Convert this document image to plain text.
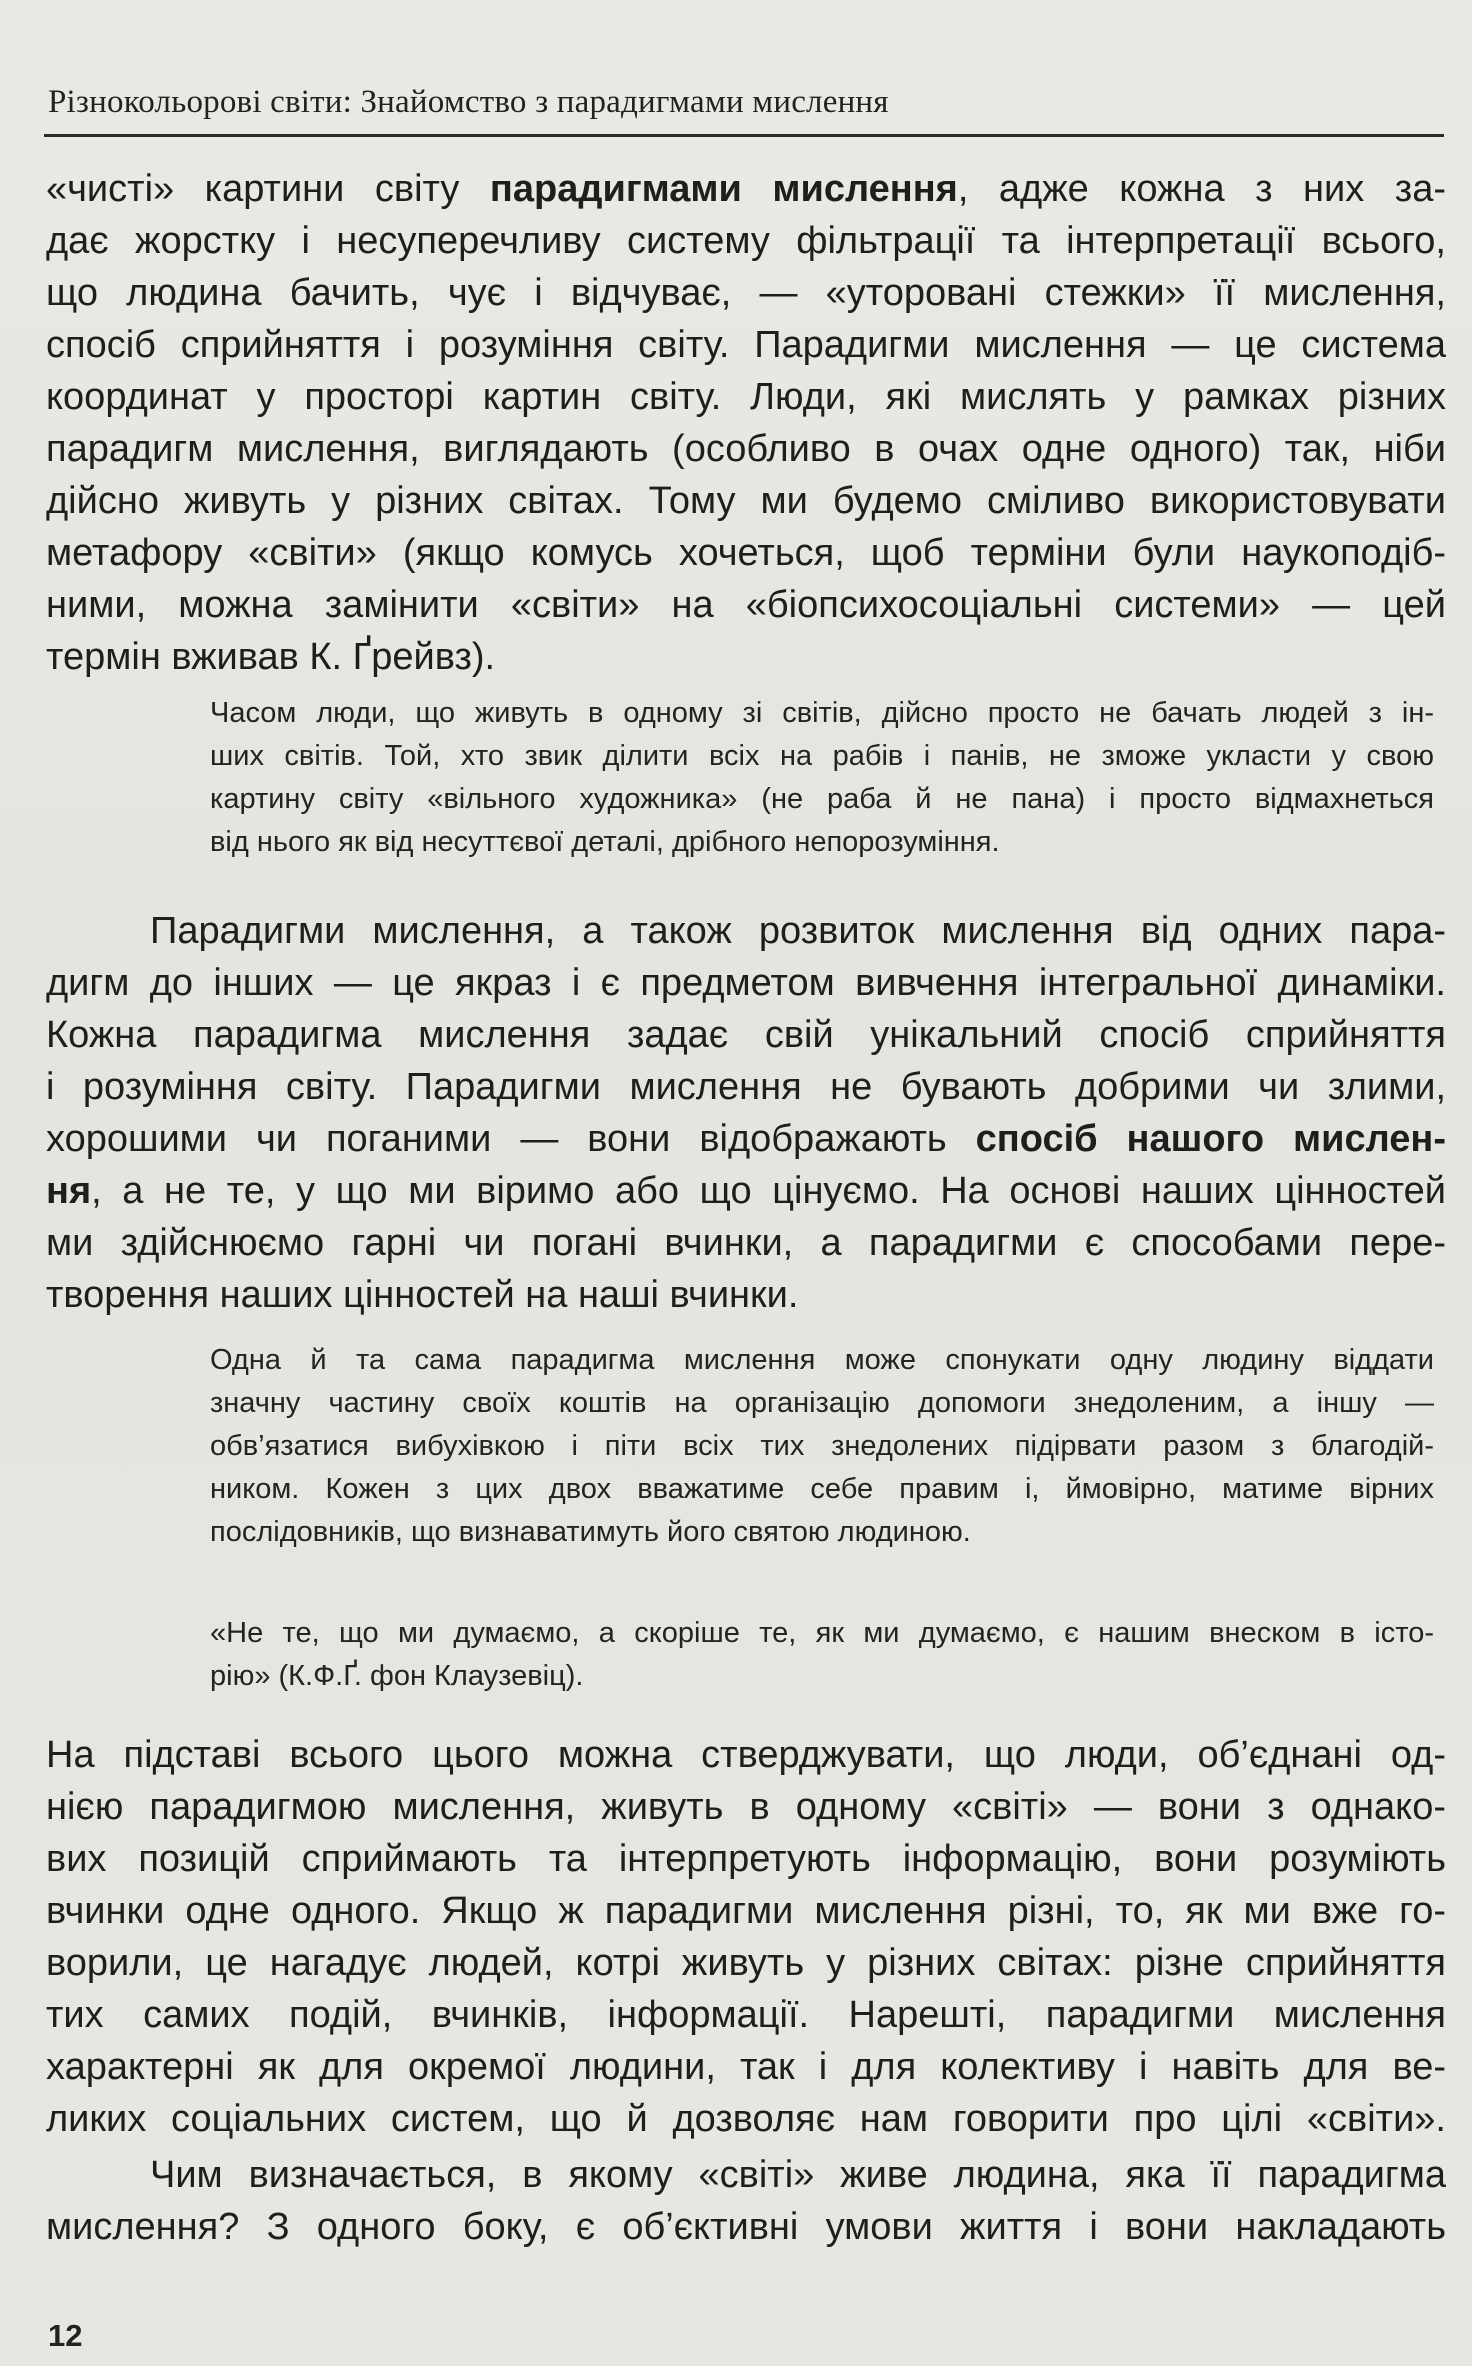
Різнокольорові світи: Знайомство з парадигмами мислення
«чисті» картини світу парадигмами мислення, адже кожна з них за-
дає жорстку і несуперечливу систему фільтрації та інтерпретації всього,
що людина бачить, чує і відчуває, — «уторовані стежки» її мислення,
спосіб сприйняття і розуміння світу. Парадигми мислення — це система
координат у просторі картин світу. Люди, які мислять у рамках різних
парадигм мислення, виглядають (особливо в очах одне одного) так, ніби
дійсно живуть у різних світах. Тому ми будемо сміливо використовувати
метафору «світи» (якщо комусь хочеться, щоб терміни були наукоподіб-
ними, можна замінити «світи» на «біопсихосоціальні системи» — цей
термін вживав К. Ґрейвз).
Часом люди, що живуть в одному зі світів, дійсно просто не бачать людей з ін-
ших світів. Той, хто звик ділити всіх на рабів і панів, не зможе укласти у свою
картину світу «вільного художника» (не раба й не пана) і просто відмахнеться
від нього як від несуттєвої деталі, дрібного непорозуміння.
Парадигми мислення, а також розвиток мислення від одних пара-
дигм до інших — це якраз і є предметом вивчення інтегральної динаміки.
Кожна парадигма мислення задає свій унікальний спосіб сприйняття
і розуміння світу. Парадигми мислення не бувають добрими чи злими,
хорошими чи поганими — вони відображають спосіб нашого мислен-
ня, а не те, у що ми віримо або що цінуємо. На основі наших цінностей
ми здійснюємо гарні чи погані вчинки, а парадигми є способами пере-
творення наших цінностей на наші вчинки.
Одна й та сама парадигма мислення може спонукати одну людину віддати
значну частину своїх коштів на організацію допомоги знедоленим, а іншу —
обв’язатися вибухівкою і піти всіх тих знедолених підірвати разом з благодій-
ником. Кожен з цих двох вважатиме себе правим і, ймовірно, матиме вірних
послідовників, що визнаватимуть його святою людиною.
«Не те, що ми думаємо, а скоріше те, як ми думаємо, є нашим внеском в істо-
рію» (К.Ф.Ґ. фон Клаузевіц).
На підставі всього цього можна стверджувати, що люди, об’єднані од-
нією парадигмою мислення, живуть в одному «світі» — вони з однако-
вих позицій сприймають та інтерпретують інформацію, вони розуміють
вчинки одне одного. Якщо ж парадигми мислення різні, то, як ми вже го-
ворили, це нагадує людей, котрі живуть у різних світах: різне сприйняття
тих самих подій, вчинків, інформації. Нарешті, парадигми мислення
характерні як для окремої людини, так і для колективу і навіть для ве-
ликих соціальних систем, що й дозволяє нам говорити про цілі «світи».
Чим визначається, в якому «світі» живе людина, яка її парадигма
мислення? З одного боку, є об’єктивні умови життя і вони накладають
12
